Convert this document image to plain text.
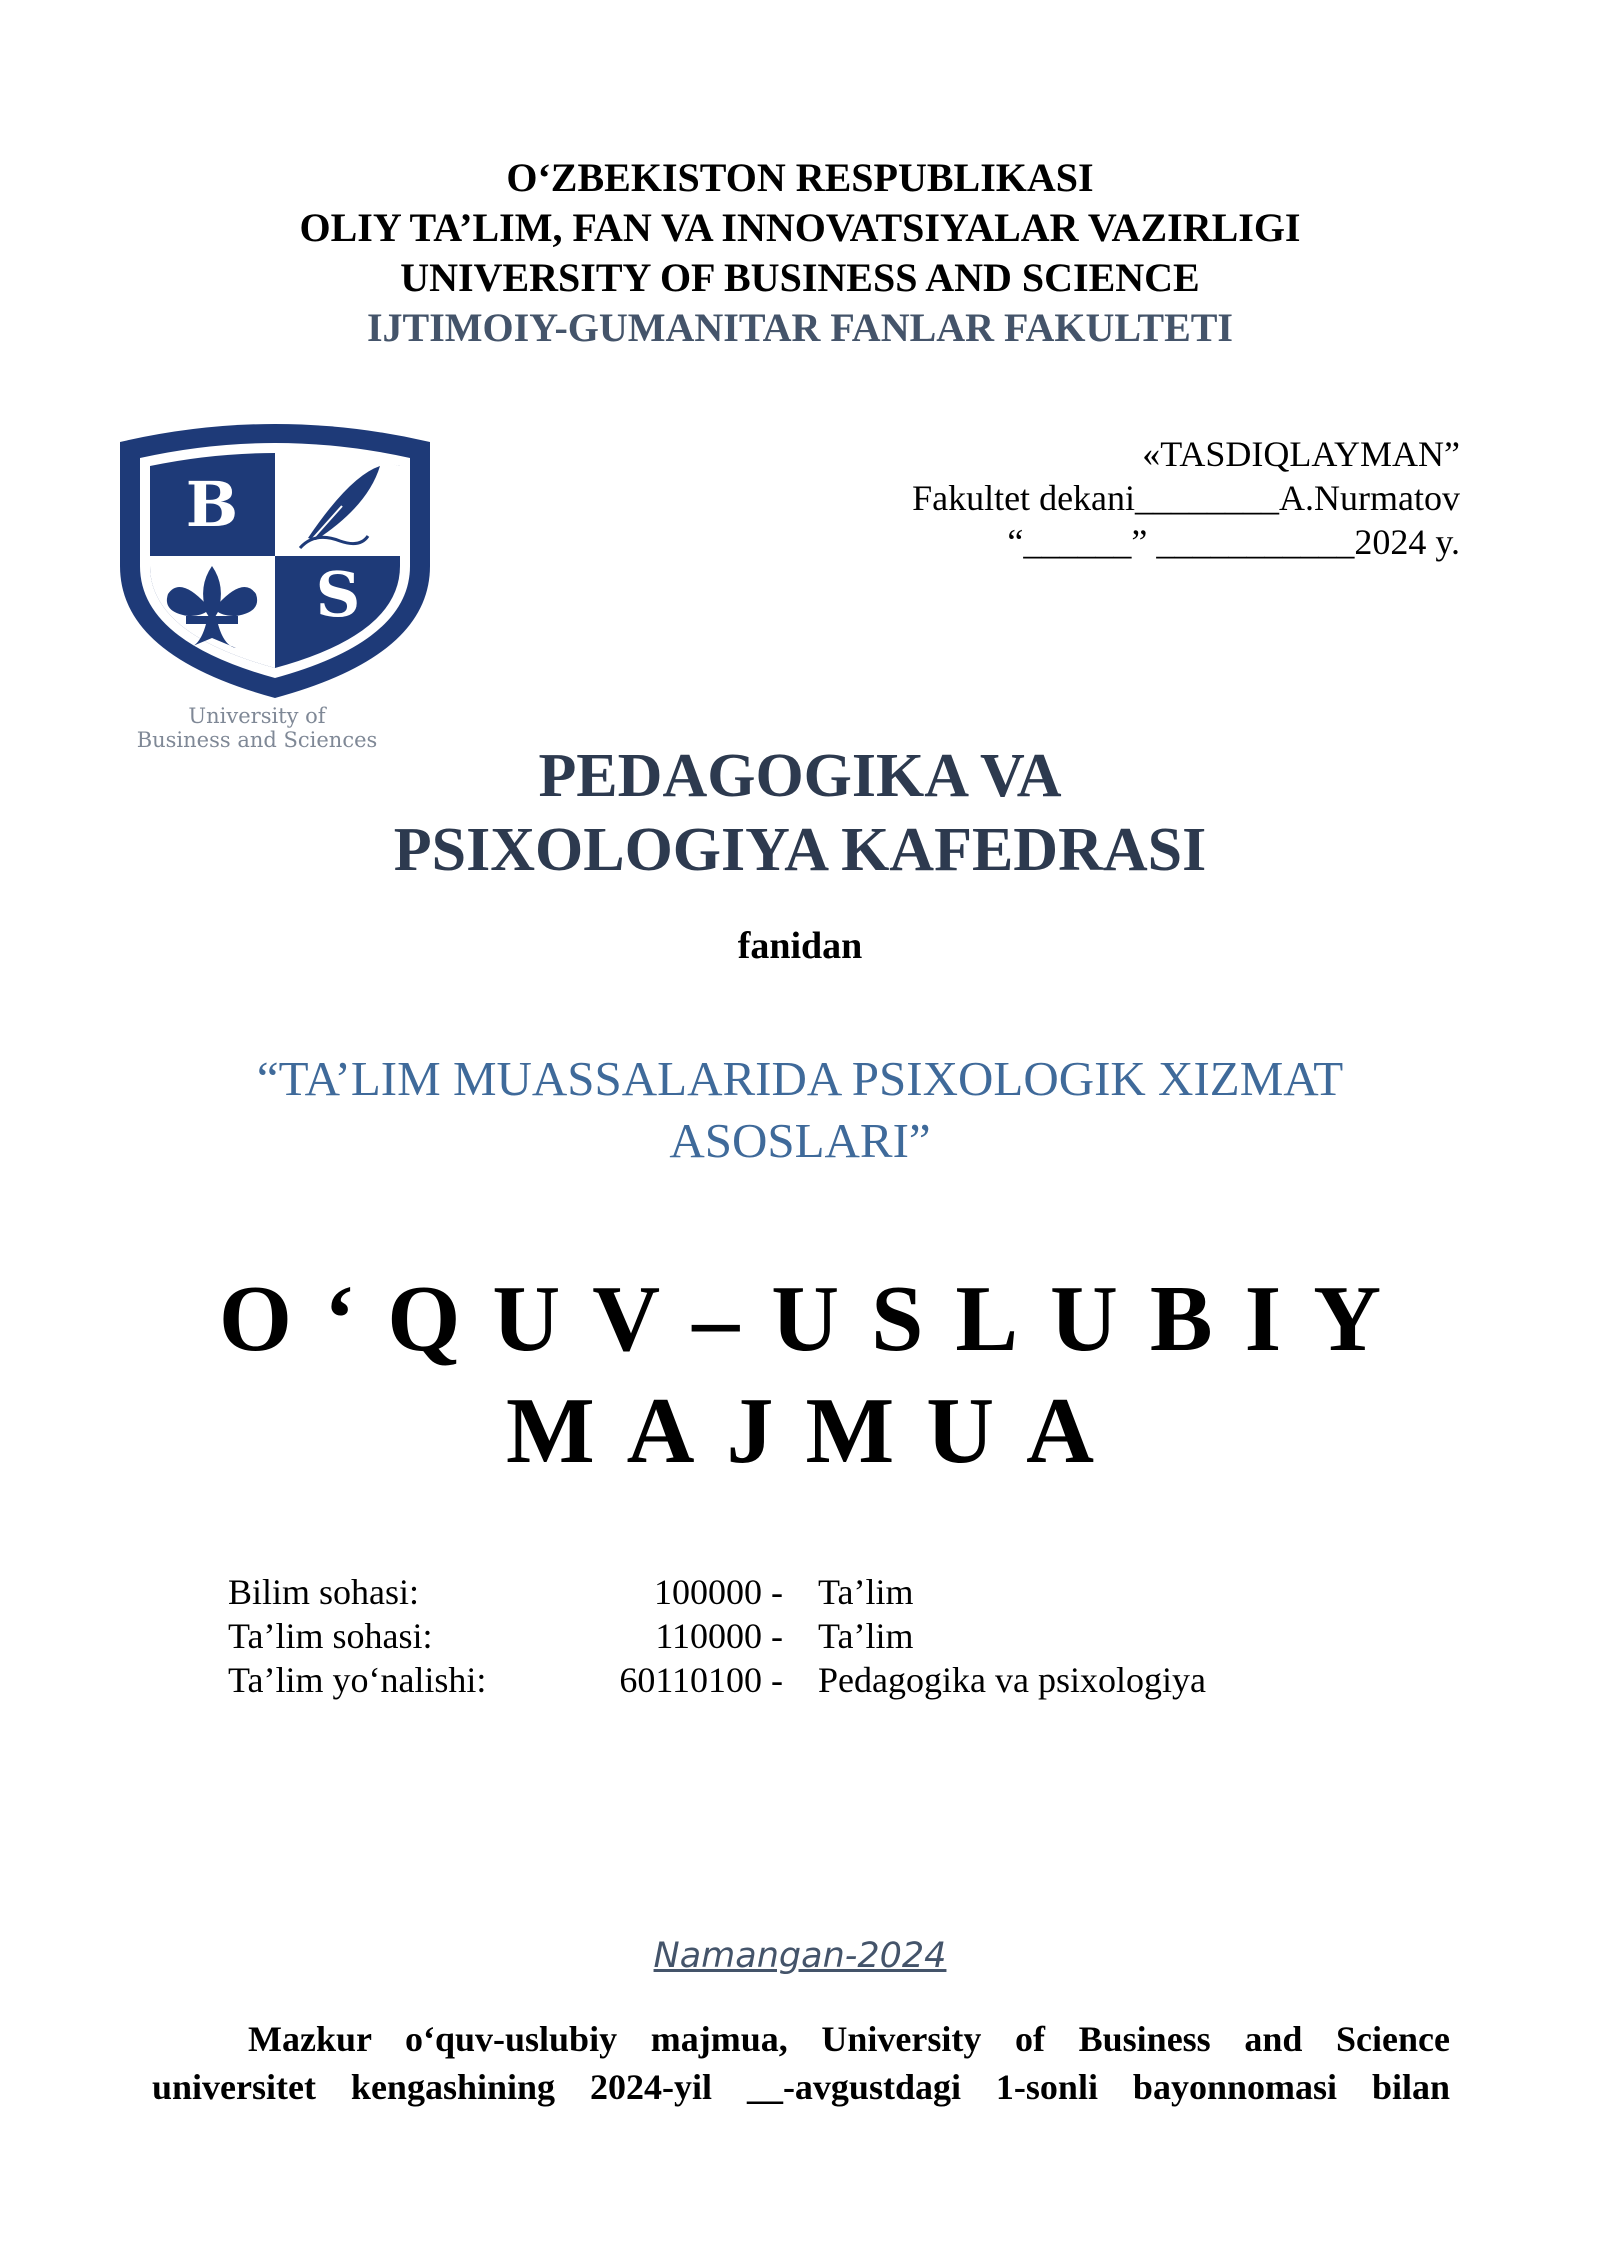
O‘ZBEKISTON RESPUBLIKASI
OLIY TA’LIM, FAN VA INNOVATSIYALAR VAZIRLIGI
UNIVERSITY OF BUSINESS AND SCIENCE
IJTIMOIY-GUMANITAR FANLAR FAKULTETI
B
S
University of
Business and Sciences
«TASDIQLAYMAN”
Fakultet dekani________A.Nurmatov
“______” ___________2024 y.
PEDAGOGIKA VA
PSIXOLOGIYA KAFEDRASI
fanidan
“TA’LIM MUASSALARIDA PSIXOLOGIK XIZMAT
ASOSLARI”
O‘QUV–USLUBIY
MAJMUA
Bilim sohasi:	100000 - Ta’lim
Ta’lim sohasi:	110000 - Ta’lim
Ta’lim yo‘nalishi:	60110100 - Pedagogika va psixologiya
Namangan-2024
Mazkur o‘quv-uslubiy majmua, University of Business and Science
universitet kengashining 2024-yil __-avgustdagi 1-sonli bayonnomasi bilan
